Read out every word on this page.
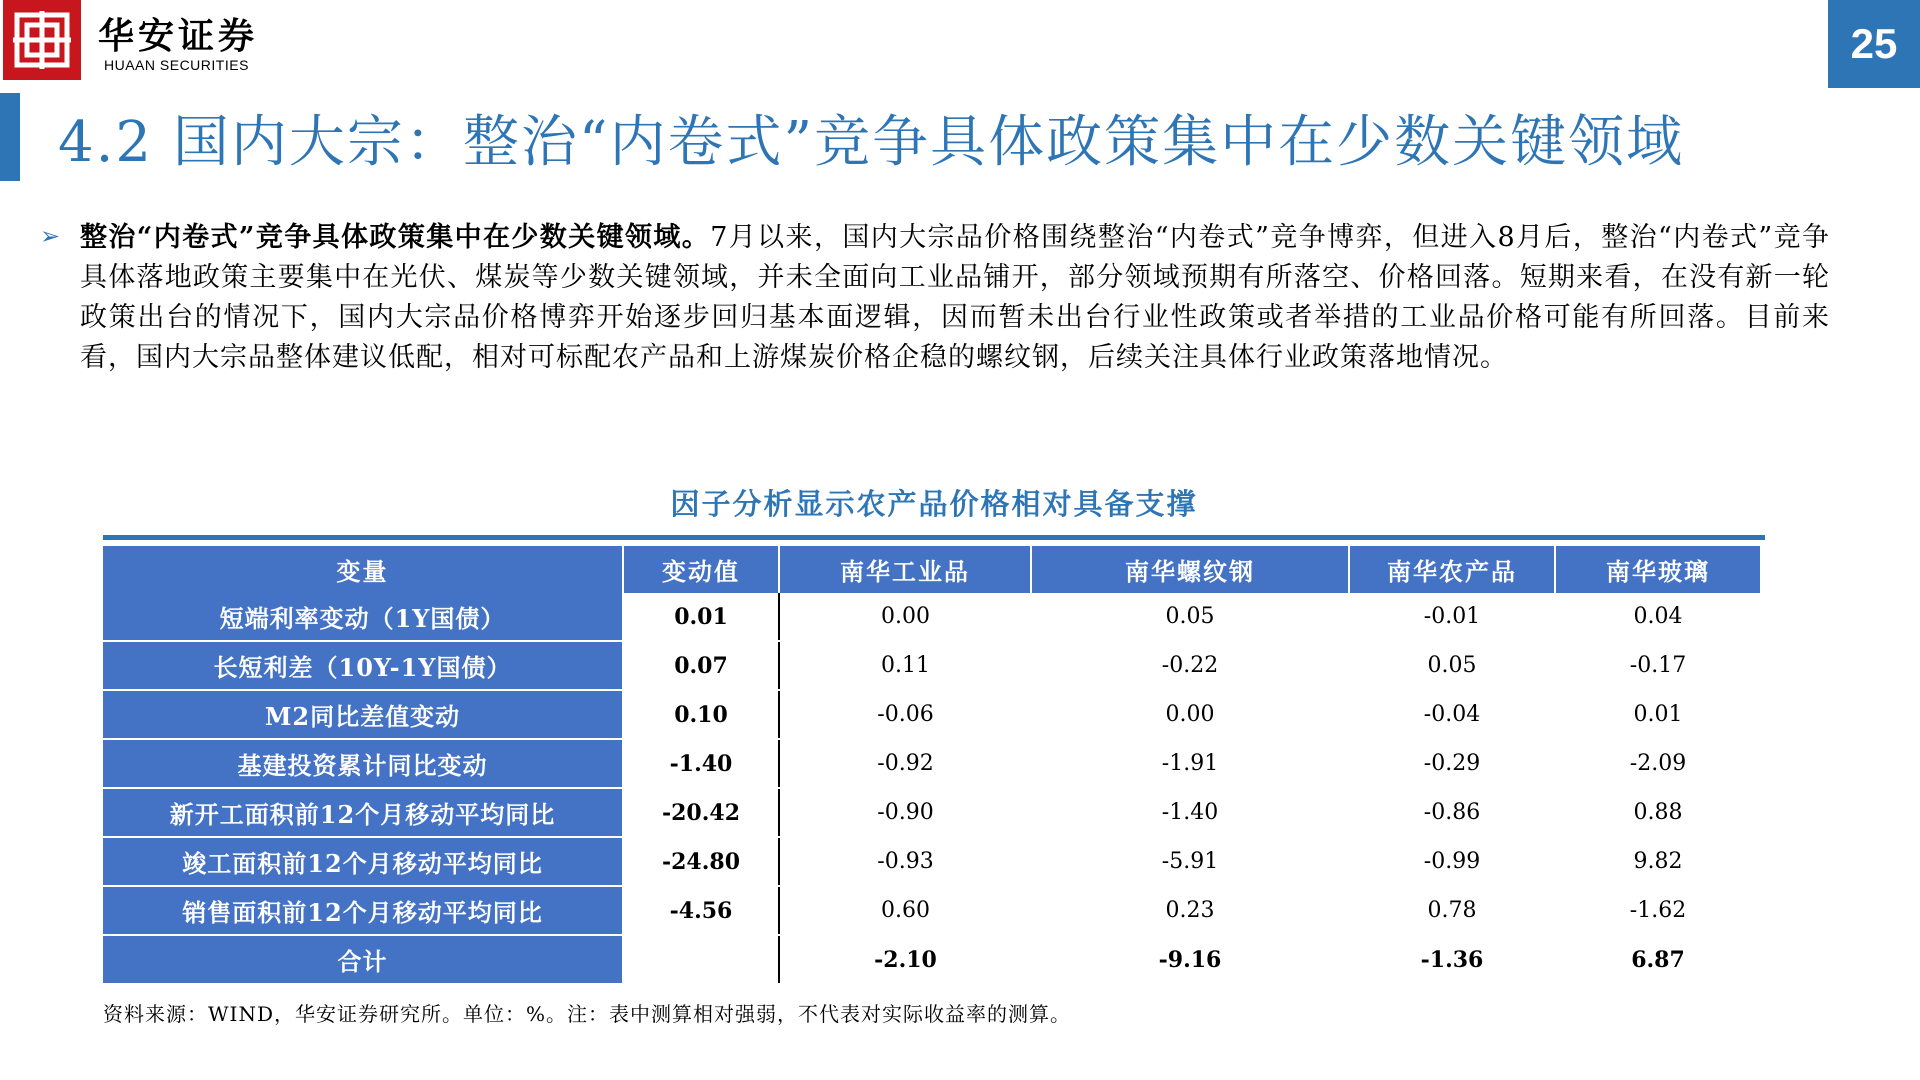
华安证券
HUAAN SECURITIES	25
4.2 国内大宗：整治“内卷式”竞争具体政策集中在少数关键领域
➢ 整治“内卷式”竞争具体政策集中在少数关键领域。7月以来，国内大宗品价格围绕整治“内卷式”竞争博弈，但进入8月后，整治“内卷式”竞争具体落地政策主要集中在光伏、煤炭等少数关键领域，并未全面向工业品铺开，部分领域预期有所落空、价格回落。短期来看，在没有新一轮政策出台的情况下，国内大宗品价格博弈开始逐步回归基本面逻辑，因而暂未出台行业性政策或者举措的工业品价格可能有所回落。目前来看，国内大宗品整体建议低配，相对可标配农产品和上游煤炭价格企稳的螺纹钢，后续关注具体行业政策落地情况。
因子分析显示农产品价格相对具备支撑
变量	变动值	南华工业品	南华螺纹钢	南华农产品	南华玻璃
短端利率变动（1Y国债）	0.01	0.00	0.05	-0.01	0.04
长短利差（10Y-1Y国债）	0.07	0.11	-0.22	0.05	-0.17
M2同比差值变动	0.10	-0.06	0.00	-0.04	0.01
基建投资累计同比变动	-1.40	-0.92	-1.91	-0.29	-2.09
新开工面积前12个月移动平均同比	-20.42	-0.90	-1.40	-0.86	0.88
竣工面积前12个月移动平均同比	-24.80	-0.93	-5.91	-0.99	9.82
销售面积前12个月移动平均同比	-4.56	0.60	0.23	0.78	-1.62
合计		-2.10	-9.16	-1.36	6.87
资料来源：WIND，华安证券研究所。单位：%。注：表中测算相对强弱，不代表对实际收益率的测算。
